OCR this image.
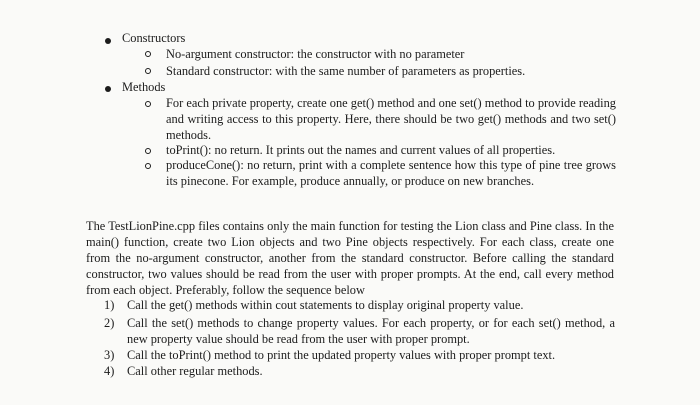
Constructors
No-argument constructor: the constructor with no parameter
Standard constructor: with the same number of parameters as properties.
Methods
For each private property, create one get() method and one set() method to provide reading and writing access to this property. Here, there should be two get() methods and two set() methods.
toPrint(): no return. It prints out the names and current values of all properties.
produceCone(): no return, print with a complete sentence how this type of pine tree grows its pinecone. For example, produce annually, or produce on new branches.
The TestLionPine.cpp files contains only the main function for testing the Lion class and Pine class. In the main() function, create two Lion objects and two Pine objects respectively. For each class, create one from the no-argument constructor, another from the standard constructor. Before calling the standard constructor, two values should be read from the user with proper prompts. At the end, call every method from each object. Preferably, follow the sequence below
1) Call the get() methods within cout statements to display original property value.
2) Call the set() methods to change property values. For each property, or for each set() method, a new property value should be read from the user with proper prompt.
3) Call the toPrint() method to print the updated property values with proper prompt text.
4) Call other regular methods.
